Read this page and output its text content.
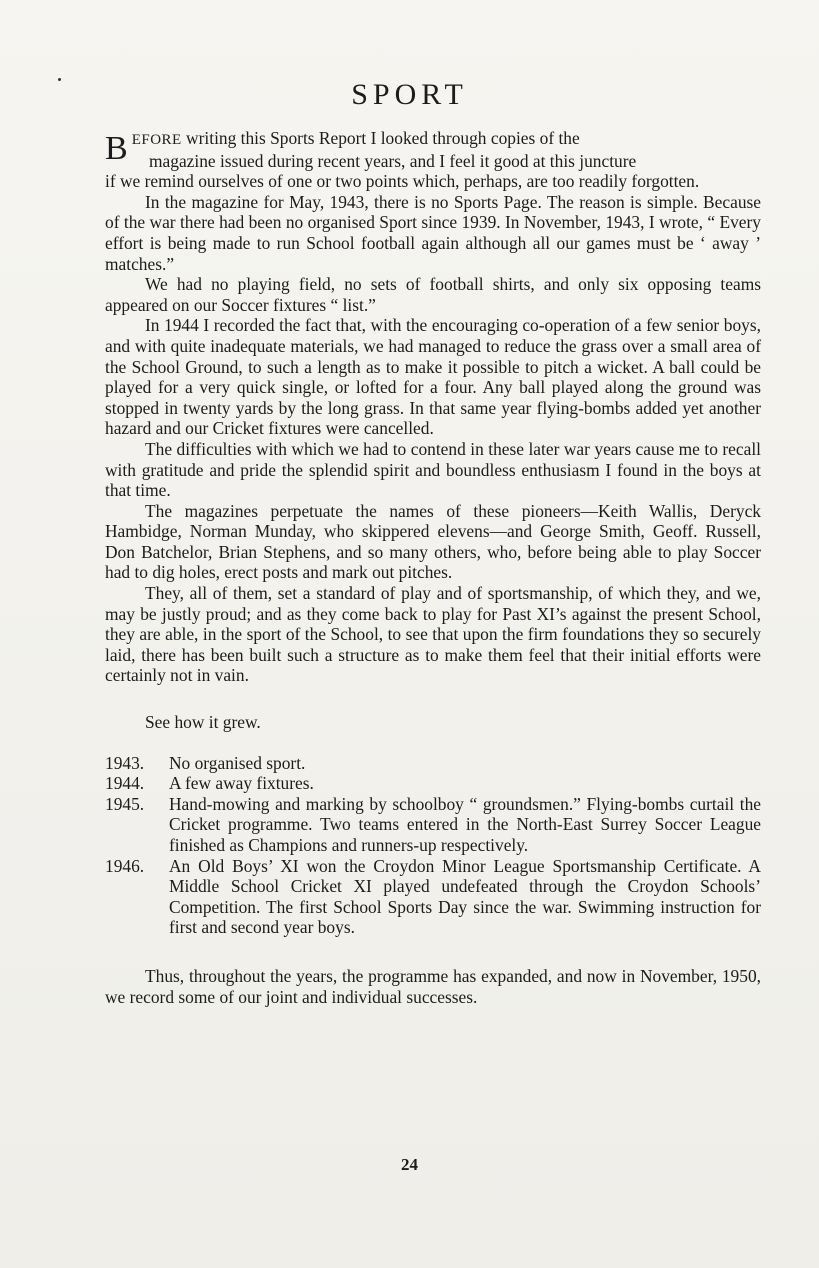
SPORT

BEFORE writing this Sports Report I looked through copies of the
magazine issued during recent years, and I feel it good at this juncture
if we remind ourselves of one or two points which, perhaps, are too readily forgotten.

In the magazine for May, 1943, there is no Sports Page. The reason is simple. Because of the war there had been no organised Sport since 1939. In November, 1943, I wrote, “ Every effort is being made to run School football again although all our games must be ‘ away ’ matches.”

We had no playing field, no sets of football shirts, and only six opposing teams appeared on our Soccer fixtures “ list.”

In 1944 I recorded the fact that, with the encouraging co-operation of a few senior boys, and with quite inadequate materials, we had managed to reduce the grass over a small area of the School Ground, to such a length as to make it possible to pitch a wicket. A ball could be played for a very quick single, or lofted for a four. Any ball played along the ground was stopped in twenty yards by the long grass. In that same year flying-bombs added yet another hazard and our Cricket fixtures were cancelled.

The difficulties with which we had to contend in these later war years cause me to recall with gratitude and pride the splendid spirit and boundless enthusiasm I found in the boys at that time.

The magazines perpetuate the names of these pioneers—Keith Wallis, Deryck Hambidge, Norman Munday, who skippered elevens—and George Smith, Geoff. Russell, Don Batchelor, Brian Stephens, and so many others, who, before being able to play Soccer had to dig holes, erect posts and mark out pitches.

They, all of them, set a standard of play and of sportsmanship, of which they, and we, may be justly proud; and as they come back to play for Past XI’s against the present School, they are able, in the sport of the School, to see that upon the firm foundations they so securely laid, there has been built such a structure as to make them feel that their initial efforts were certainly not in vain.

See how it grew.

1943.	No organised sport.
1944.	A few away fixtures.
1945.	Hand-mowing and marking by schoolboy “ groundsmen.” Flying-bombs curtail the Cricket programme. Two teams entered in the North-East Surrey Soccer League finished as Champions and runners-up respectively.
1946.	An Old Boys’ XI won the Croydon Minor League Sportsmanship Certificate. A Middle School Cricket XI played undefeated through the Croydon Schools’ Competition. The first School Sports Day since the war. Swimming instruction for first and second year boys.

Thus, throughout the years, the programme has expanded, and now in November, 1950, we record some of our joint and individual successes.

24
